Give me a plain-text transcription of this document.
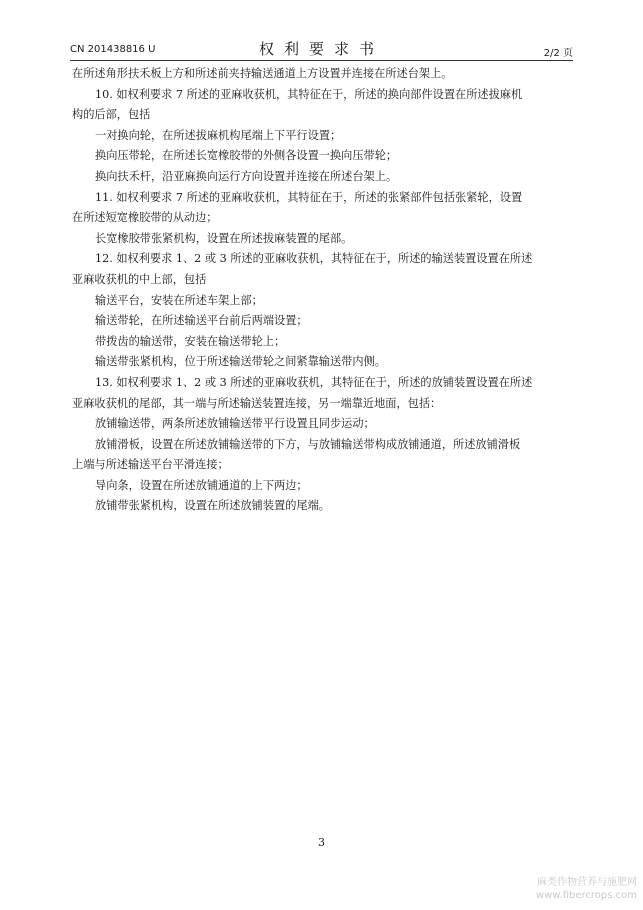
CN 201438816 U	权利要求书	2/2 页
在所述角形扶禾板上方和所述前夹持输送通道上方设置并连接在所述台架上。
10. 如权利要求 7 所述的亚麻收获机，其特征在于，所述的换向部件设置在所述拔麻机
构的后部，包括
一对换向轮，在所述拔麻机构尾端上下平行设置；
换向压带轮，在所述长宽橡胶带的外侧各设置一换向压带轮；
换向扶禾杆，沿亚麻换向运行方向设置并连接在所述台架上。
11. 如权利要求 7 所述的亚麻收获机，其特征在于，所述的张紧部件包括张紧轮，设置
在所述短宽橡胶带的从动边；
长宽橡胶带张紧机构，设置在所述拔麻装置的尾部。
12. 如权利要求 1、2 或 3 所述的亚麻收获机，其特征在于，所述的输送装置设置在所述
亚麻收获机的中上部，包括
输送平台，安装在所述车架上部；
输送带轮，在所述输送平台前后两端设置；
带拨齿的输送带，安装在输送带轮上；
输送带张紧机构，位于所述输送带轮之间紧靠输送带内侧。
13. 如权利要求 1、2 或 3 所述的亚麻收获机，其特征在于，所述的放铺装置设置在所述
亚麻收获机的尾部，其一端与所述输送装置连接，另一端靠近地面，包括：
放铺输送带，两条所述放铺输送带平行设置且同步运动；
放铺滑板，设置在所述放铺输送带的下方，与放铺输送带构成放铺通道，所述放铺滑板
上端与所述输送平台平滑连接；
导向条，设置在所述放铺通道的上下两边；
放铺带张紧机构，设置在所述放铺装置的尾端。
3
麻类作物营养与施肥网
www.fibercrops.com
